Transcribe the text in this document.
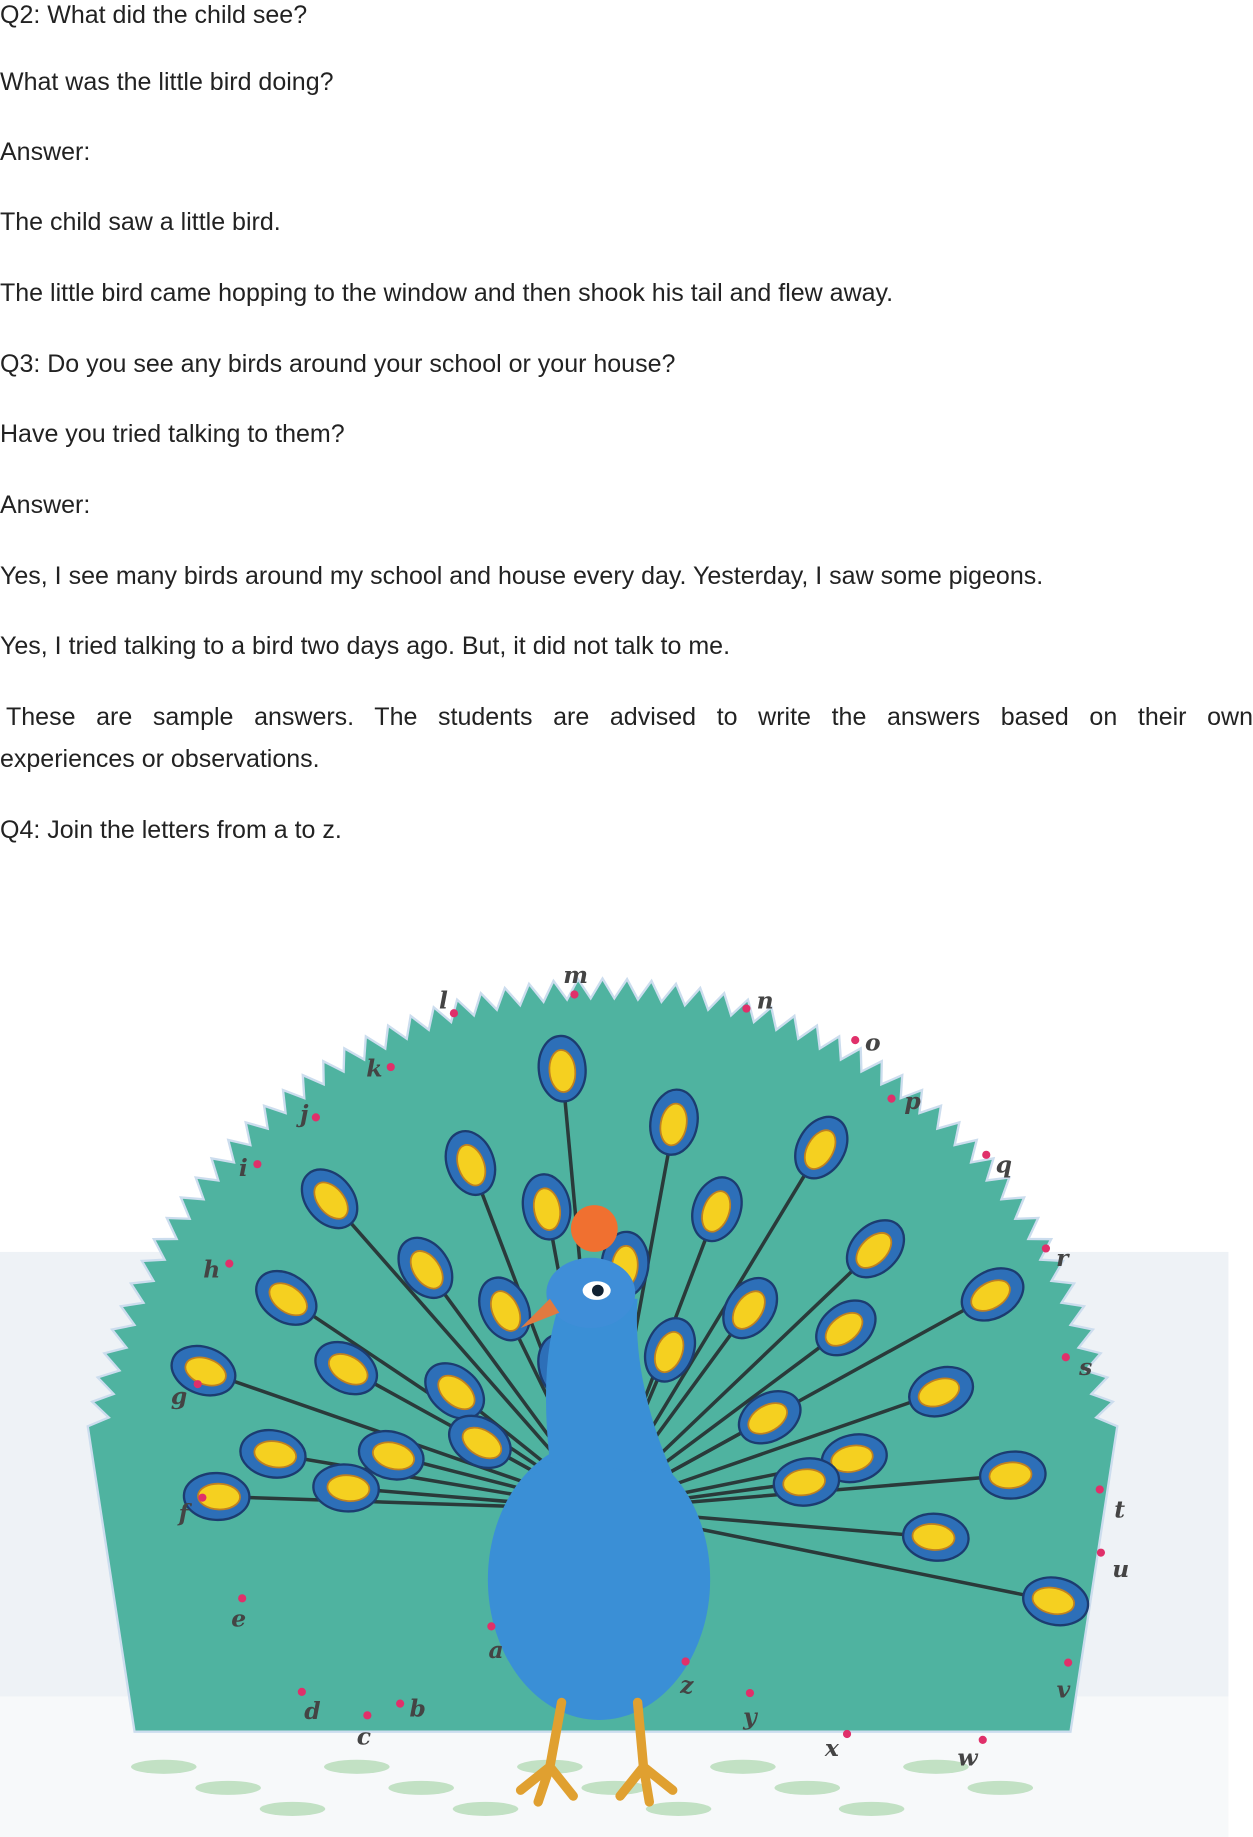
Q2: What did the child see?
What was the little bird doing?
Answer:
The child saw a little bird.
The little bird came hopping to the window and then shook his tail and flew away.
Q3: Do you see any birds around your school or your house?
Have you tried talking to them?
Answer:
Yes, I see many birds around my school and house every day. Yesterday, I saw some pigeons.
Yes, I tried talking to a bird two days ago. But, it did not talk to me.
These are sample answers. The students are advised to write the answers based on their own
experiences or observations.
Q4: Join the letters from a to z.
a
b
c
d
e
f
g
h
i
j
k
l
m
n
o
p
q
r
s
t
u
v
w
x
y
z
